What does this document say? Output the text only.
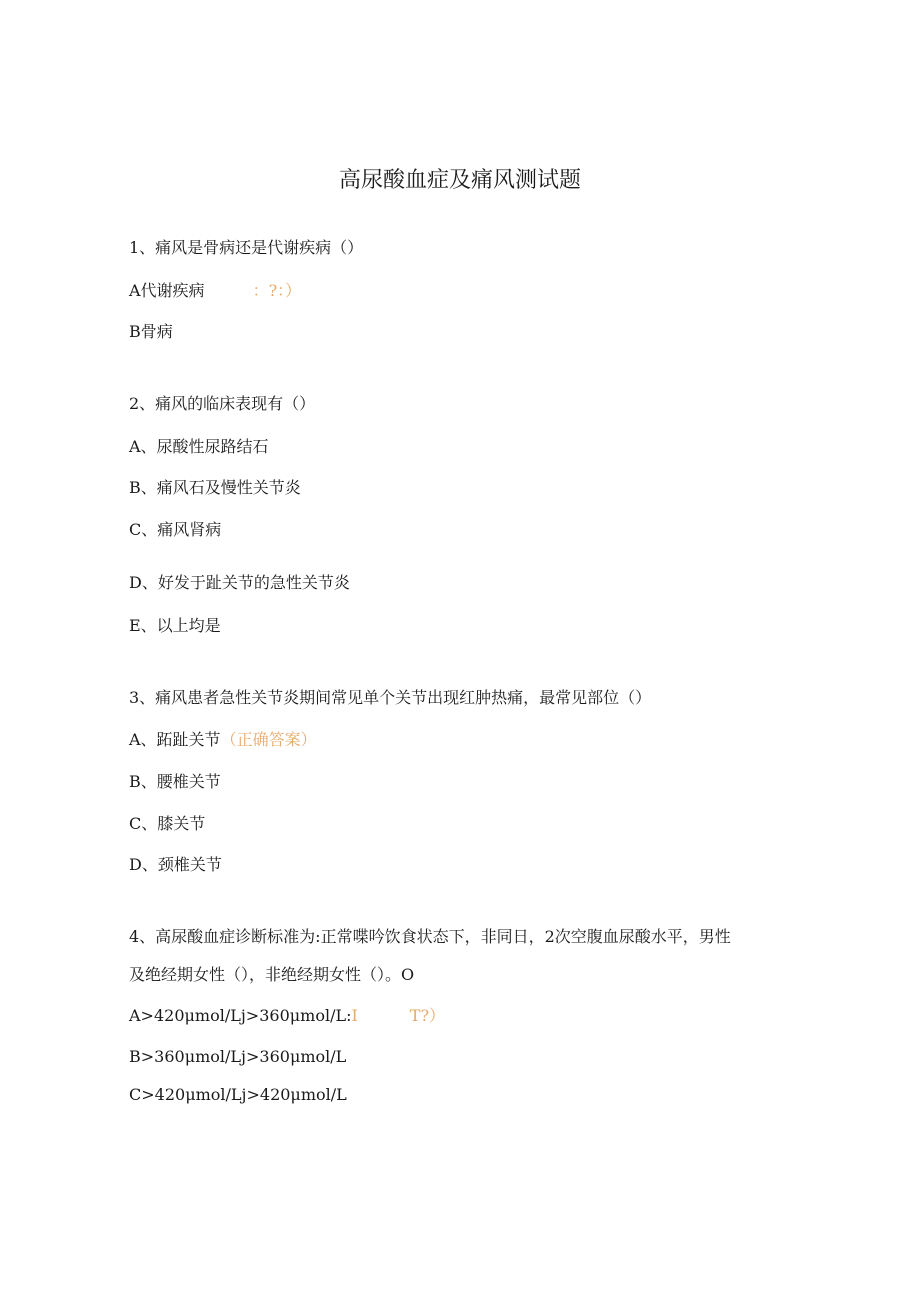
高尿酸血症及痛风测试题
1、痛风是骨病还是代谢疾病（）
A代谢疾病	：?：）
B骨病
2、痛风的临床表现有（）
A、尿酸性尿路结石
B、痛风石及慢性关节炎
C、痛风肾病
D、好发于趾关节的急性关节炎
E、以上均是
3、痛风患者急性关节炎期间常见单个关节出现红肿热痛，最常见部位（）
A、跖趾关节（正确答案）
B、腰椎关节
C、膝关节
D、颈椎关节
4、高尿酸血症诊断标准为:正常喋吟饮食状态下，非同日，2次空腹血尿酸水平，男性
及绝经期女性（），非绝经期女性（）。O
A>420μmol∕Lj>360μmol∕L:I	T?）
B>360μmol∕Lj>360μmol∕L
C>420μmol∕Lj>420μmol∕L
